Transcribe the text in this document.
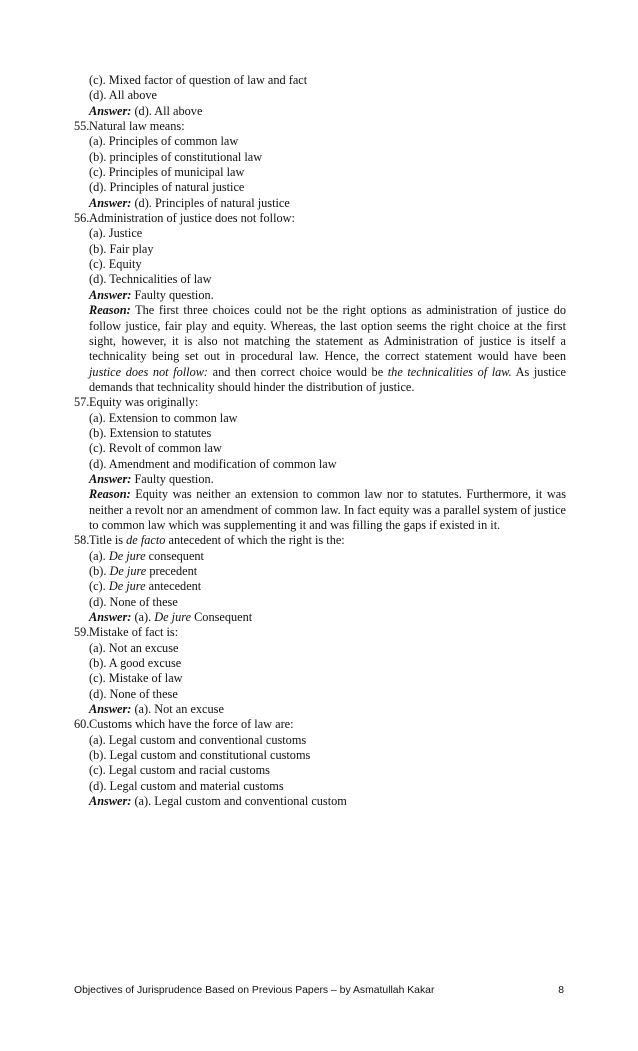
(c). Mixed factor of question of law and fact
(d). All above
Answer: (d). All above
55. Natural law means:
(a). Principles of common law
(b). principles of constitutional law
(c). Principles of municipal law
(d). Principles of natural justice
Answer: (d). Principles of natural justice
56. Administration of justice does not follow:
(a). Justice
(b). Fair play
(c). Equity
(d). Technicalities of law
Answer: Faulty question.
Reason: The first three choices could not be the right options as administration of justice do follow justice, fair play and equity. Whereas, the last option seems the right choice at the first sight, however, it is also not matching the statement as Administration of justice is itself a technicality being set out in procedural law. Hence, the correct statement would have been justice does not follow: and then correct choice would be the technicalities of law. As justice demands that technicality should hinder the distribution of justice.
57. Equity was originally:
(a). Extension to common law
(b). Extension to statutes
(c). Revolt of common law
(d). Amendment and modification of common law
Answer: Faulty question.
Reason: Equity was neither an extension to common law nor to statutes. Furthermore, it was neither a revolt nor an amendment of common law. In fact equity was a parallel system of justice to common law which was supplementing it and was filling the gaps if existed in it.
58. Title is de facto antecedent of which the right is the:
(a). De jure consequent
(b). De jure precedent
(c). De jure antecedent
(d). None of these
Answer: (a). De jure Consequent
59. Mistake of fact is:
(a). Not an excuse
(b). A good excuse
(c). Mistake of law
(d). None of these
Answer: (a). Not an excuse
60. Customs which have the force of law are:
(a). Legal custom and conventional customs
(b). Legal custom and constitutional customs
(c). Legal custom and racial customs
(d). Legal custom and material customs
Answer: (a). Legal custom and conventional custom
Objectives of Jurisprudence Based on Previous Papers – by Asmatullah Kakar	8
